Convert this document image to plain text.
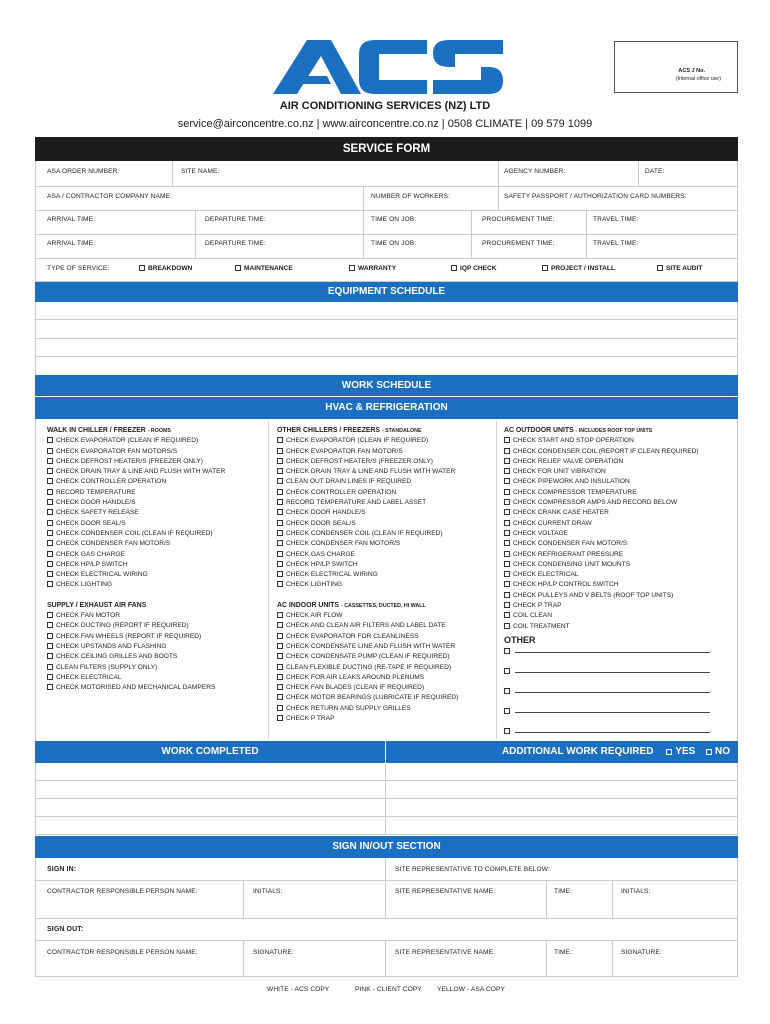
AIR CONDITIONING SERVICES (NZ) LTD
service@airconcentre.co.nz | www.airconcentre.co.nz | 0508 CLIMATE | 09 579 1099
ACS J No.
(Internal office use)
SERVICE FORM
ASA ORDER NUMBER:	SITE NAME:	AGENCY NUMBER:	DATE:
ASA / CONTRACTOR COMPANY NAME:	NUMBER OF WORKERS:	SAFETY PASSPORT / AUTHORIZATION CARD NUMBERS:
ARRIVAL TIME:	DEPARTURE TIME:	TIME ON JOB:	PROCUREMENT TIME:	TRAVEL TIME:
ARRIVAL TIME:	DEPARTURE TIME:	TIME ON JOB:	PROCUREMENT TIME:	TRAVEL TIME:
TYPE OF SERVICE:	BREAKDOWN	MAINTENANCE	WARRANTY	IQP CHECK	PROJECT / INSTALL	SITE AUDIT
EQUIPMENT SCHEDULE
WORK SCHEDULE
HVAC & REFRIGERATION
WALK IN CHILLER / FREEZER - ROOMS
CHECK EVAPORATOR (CLEAN IF REQUIRED)
CHECK EVAPORATOR FAN MOTORS/S
CHECK DEFROST HEATER/S (FREEZER ONLY)
CHECK DRAIN TRAY & LINE AND FLUSH WITH WATER
CHECK CONTROLLER OPERATION
RECORD TEMPERATURE
CHECK DOOR HANDLE/S
CHECK SAFETY RELEASE
CHECK DOOR SEAL/S
CHECK CONDENSER COIL (CLEAN IF REQUIRED)
CHECK CONDENSER FAN MOTOR/S
CHECK GAS CHARGE
CHECK HP/LP SWITCH
CHECK ELECTRICAL WIRING
CHECK LIGHTING
SUPPLY / EXHAUST AIR FANS
CHECK FAN MOTOR
CHECK DUCTING (REPORT IF REQUIRED)
CHECK FAN WHEELS (REPORT IF REQUIRED)
CHECK UPSTANDS AND FLASHING
CHECK CEILING GRILLES AND BOOTS
CLEAN FILTERS (SUPPLY ONLY)
CHECK ELECTRICAL
CHECK MOTORISED AND MECHANICAL DAMPERS
OTHER CHILLERS / FREEZERS - STANDALONE
CHECK EVAPORATOR (CLEAN IF REQUIRED)
CHECK EVAPORATOR FAN MOTOR/S
CHECK DEFROST HEATER/S (FREEZER ONLY)
CHECK DRAIN TRAY & LINE AND FLUSH WITH WATER
CLEAN OUT DRAIN LINES IF REQUIRED
CHECK CONTROLLER OPERATION
RECORD TEMPERATURE AND LABEL ASSET
CHECK DOOR HANDLE/S
CHECK DOOR SEAL/S
CHECK CONDENSER COIL (CLEAN IF REQUIRED)
CHECK CONDENSER FAN MOTOR/S
CHECK GAS CHARGE
CHECK HP/LP SWITCH
CHECK ELECTRICAL WIRING
CHECK LIGHTING
AC INDOOR UNITS - CASSETTES, DUCTED, HI WALL
CHECK AIR FLOW
CHECK AND CLEAN AIR FILTERS AND LABEL DATE
CHECK EVAPORATOR FOR CLEANLINESS
CHECK CONDENSATE LINE AND FLUSH WITH WATER
CHECK CONDENSATE PUMP (CLEAN IF REQUIRED)
CLEAN FLEXIBLE DUCTING (RE-TAPE IF REQUIRED)
CHECK FOR AIR LEAKS AROUND PLENUMS
CHECK FAN BLADES (CLEAN IF REQUIRED)
CHECK MOTOR BEARINGS (LUBRICATE IF REQUIRED)
CHECK RETURN AND SUPPLY GRILLES
CHECK P TRAP
AC OUTDOOR UNITS - INCLUDES ROOF TOP UNITS
CHECK START AND STOP OPERATION
CHECK CONDENSER COIL (REPORT IF CLEAN REQUIRED)
CHECK RELIEF VALVE OPERATION
CHECK FOR UNIT VIBRATION
CHECK PIPEWORK AND INSULATION
CHECK COMPRESSOR TEMPERATURE
CHECK COMPRESSOR AMPS AND RECORD BELOW
CHECK CRANK CASE HEATER
CHECK CURRENT DRAW
CHECK VOLTAGE
CHECK CONDENSER FAN MOTOR/S
CHECK REFRIGERANT PRESSURE
CHECK CONDENSING UNIT MOUNTS
CHECK ELECTRICAL
CHECK HP/LP CONTROL SWITCH
CHECK PULLEYS AND V BELTS (ROOF TOP UNITS)
CHECK P TRAP
COIL CLEAN
COIL TREATMENT
OTHER
WORK COMPLETED	ADDITIONAL WORK REQUIRED YES NO
SIGN IN/OUT SECTION
SIGN IN:	SITE REPRESENTATIVE TO COMPLETE BELOW:
CONTRACTOR RESPONSIBLE PERSON NAME:	INITIALS:	SITE REPRESENTATIVE NAME:	TIME:	INITIALS:
SIGN OUT:
CONTRACTOR RESPONSIBLE PERSON NAME:	SIGNATURE:	SITE REPRESENTATIVE NAME:	TIME:	SIGNATURE:
WHITE - ACS COPY	PINK - CLIENT COPY YELLOW - ASA COPY
